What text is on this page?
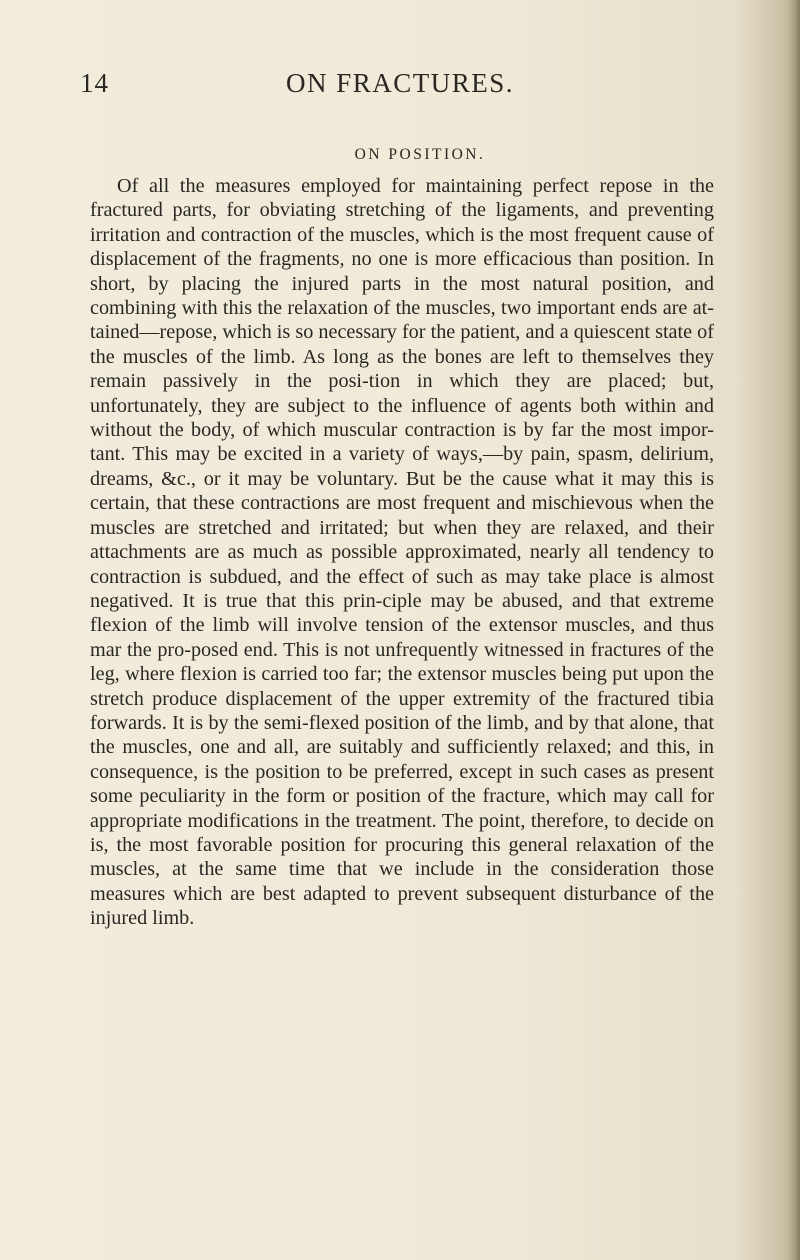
14	ON FRACTURES.
ON POSITION.

Of all the measures employed for maintaining perfect repose in the fractured parts, for obviating stretching of the ligaments, and preventing irritation and contraction of the muscles, which is the most frequent cause of displacement of the fragments, no one is more efficacious than position. In short, by placing the injured parts in the most natural position, and combining with this the relaxation of the muscles, two important ends are at-tained—repose, which is so necessary for the patient, and a quiescent state of the muscles of the limb. As long as the bones are left to themselves they remain passively in the posi-tion in which they are placed; but, unfortunately, they are subject to the influence of agents both within and without the body, of which muscular contraction is by far the most impor-tant. This may be excited in a variety of ways,—by pain, spasm, delirium, dreams, &c., or it may be voluntary. But be the cause what it may this is certain, that these contractions are most frequent and mischievous when the muscles are stretched and irritated; but when they are relaxed, and their attachments are as much as possible approximated, nearly all tendency to contraction is subdued, and the effect of such as may take place is almost negatived. It is true that this prin-ciple may be abused, and that extreme flexion of the limb will involve tension of the extensor muscles, and thus mar the pro-posed end. This is not unfrequently witnessed in fractures of the leg, where flexion is carried too far; the extensor muscles being put upon the stretch produce displacement of the upper extremity of the fractured tibia forwards. It is by the semi-flexed position of the limb, and by that alone, that the muscles, one and all, are suitably and sufficiently relaxed; and this, in consequence, is the position to be preferred, except in such cases as present some peculiarity in the form or position of the fracture, which may call for appropriate modifications in the treatment. The point, therefore, to decide on is, the most favorable position for procuring this general relaxation of the muscles, at the same time that we include in the consideration those measures which are best adapted to prevent subsequent disturbance of the injured limb.
